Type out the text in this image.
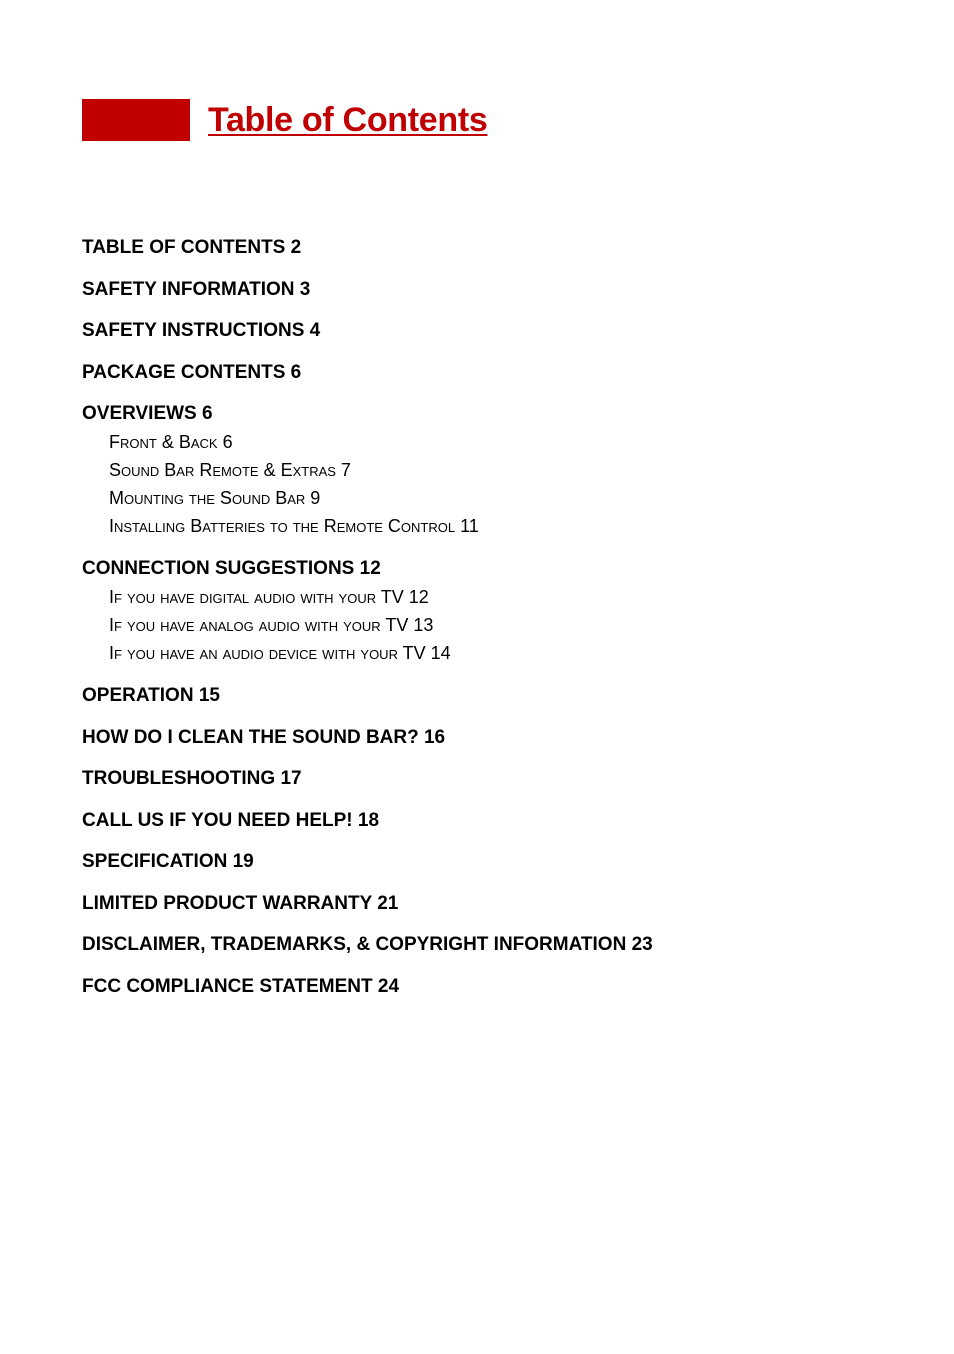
Table of Contents
TABLE OF CONTENTS 2
SAFETY INFORMATION 3
SAFETY INSTRUCTIONS 4
PACKAGE CONTENTS 6
OVERVIEWS 6
Front & Back 6
Sound Bar Remote & Extras 7
Mounting the Sound Bar 9
Installing Batteries to the Remote Control 11
CONNECTION SUGGESTIONS 12
If you have digital audio with your TV 12
If you have analog audio with your TV 13
If you have an audio device with your TV 14
OPERATION 15
HOW DO I CLEAN THE SOUND BAR? 16
TROUBLESHOOTING 17
CALL US IF YOU NEED HELP! 18
SPECIFICATION 19
LIMITED PRODUCT WARRANTY 21
DISCLAIMER, TRADEMARKS, & COPYRIGHT INFORMATION 23
FCC COMPLIANCE STATEMENT 24
